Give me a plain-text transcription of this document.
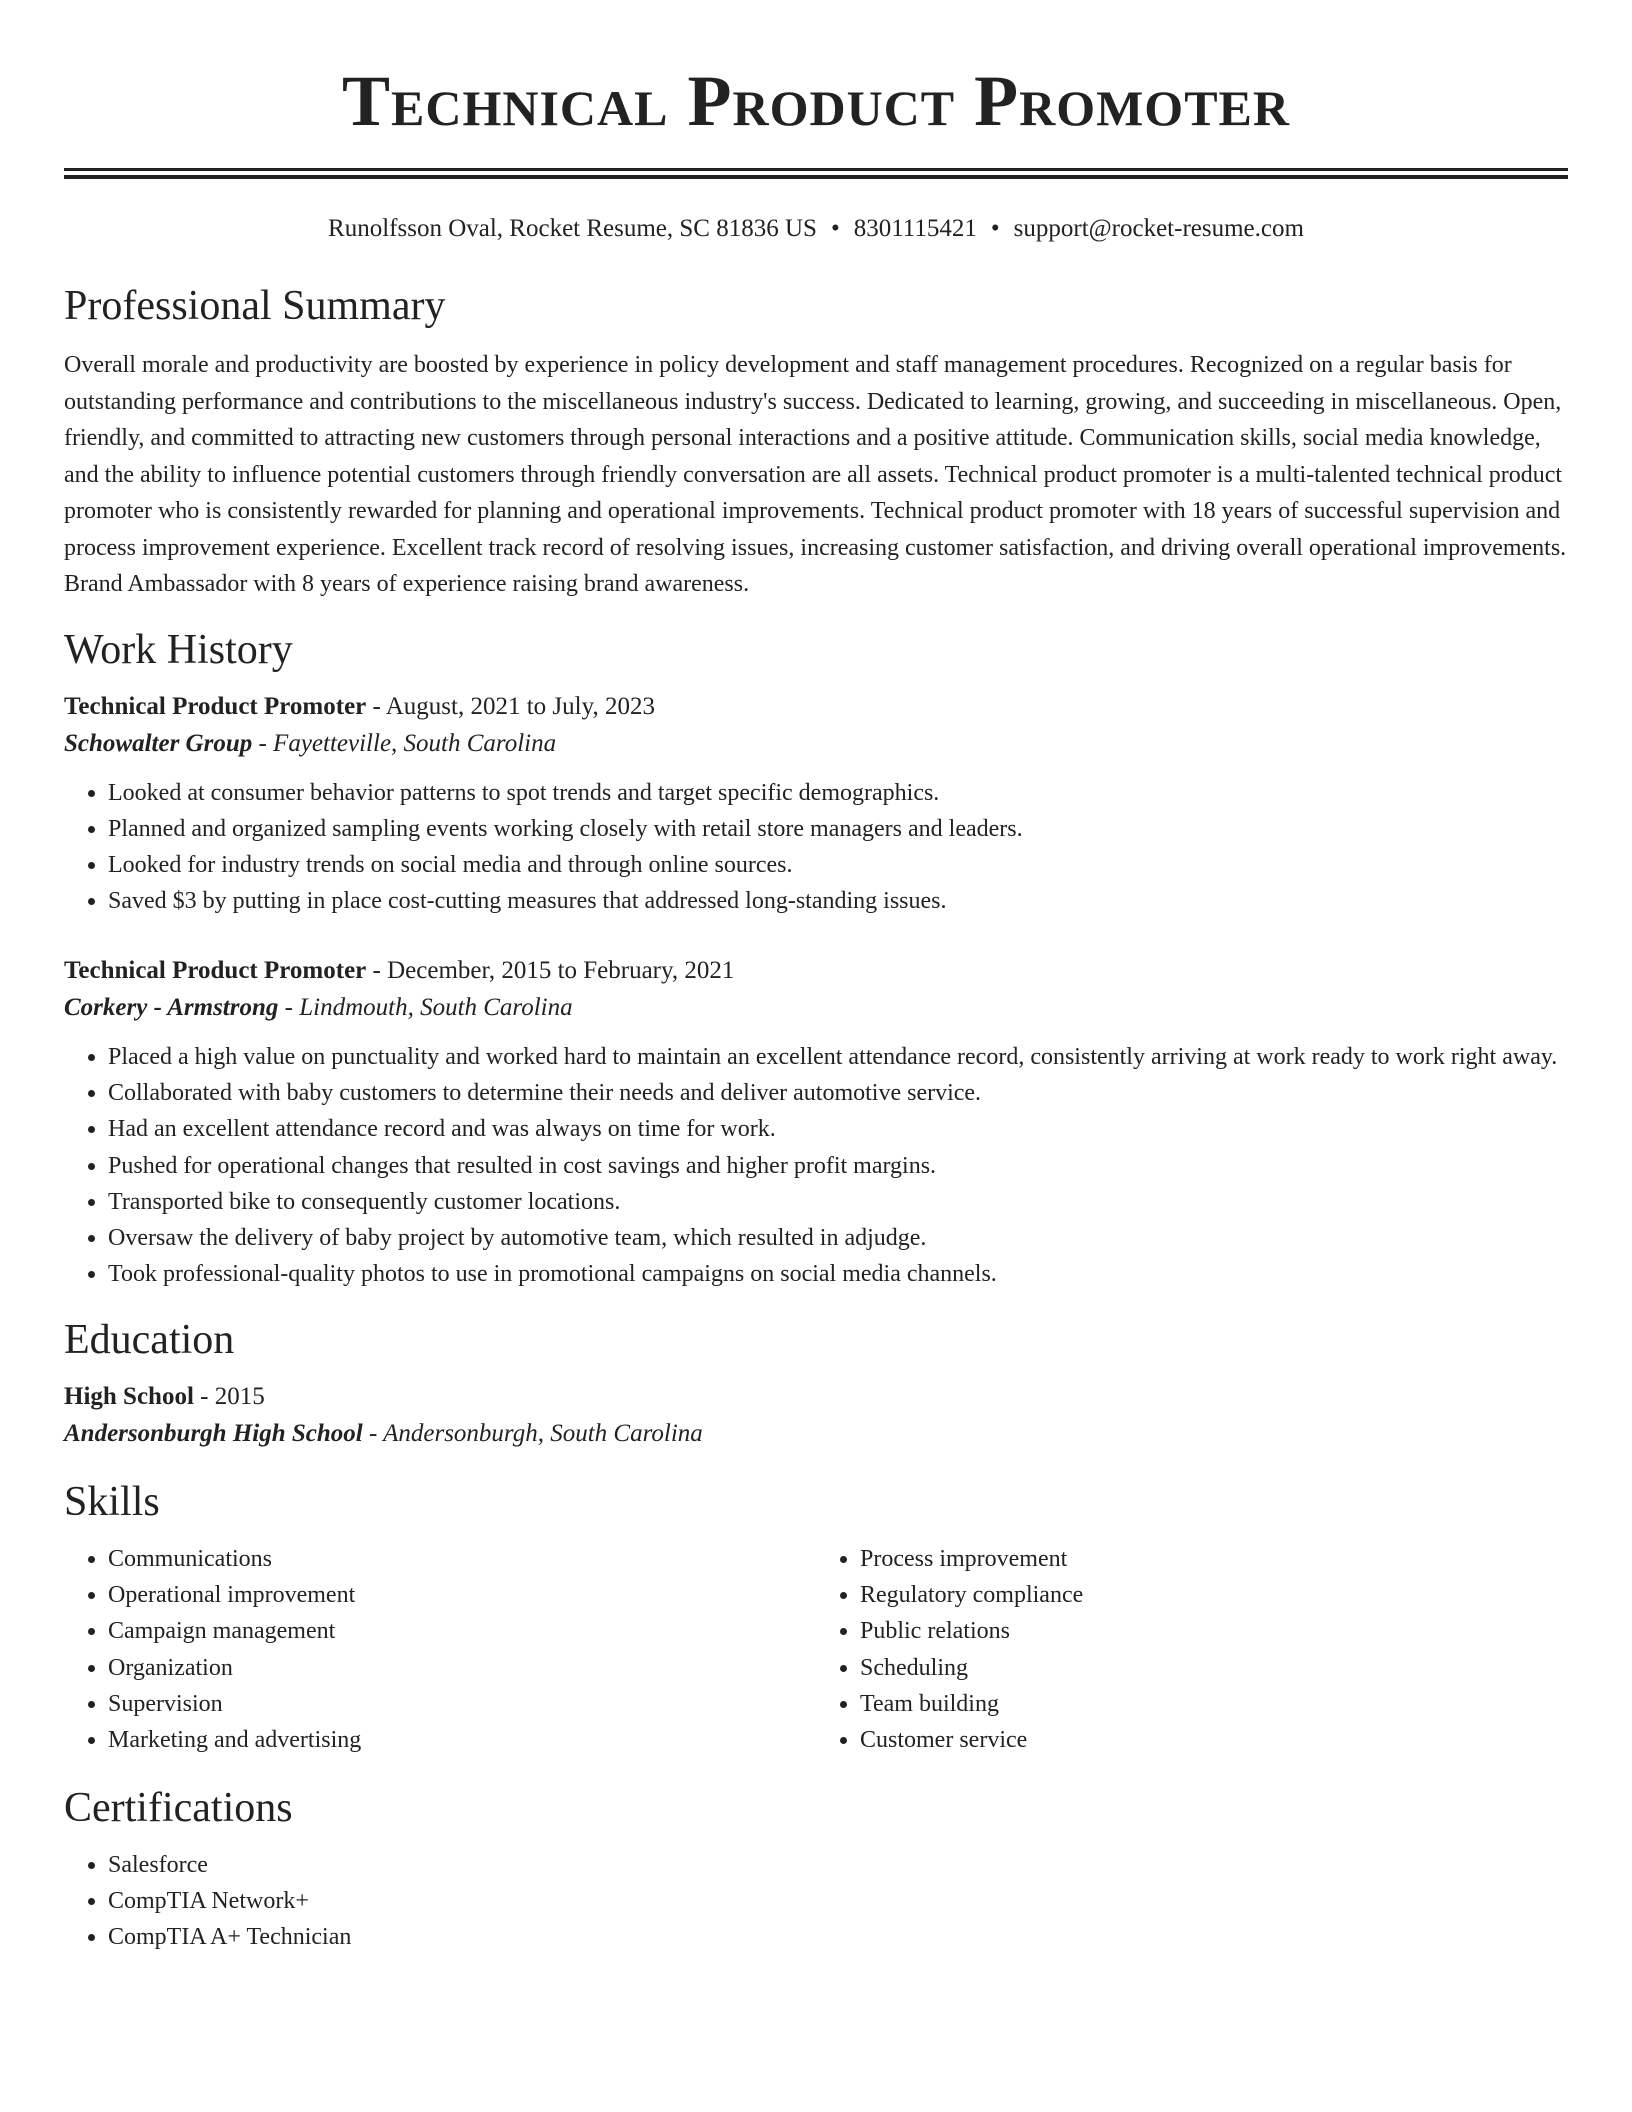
Technical Product Promoter
Runolfsson Oval, Rocket Resume, SC 81836 US • 8301115421 • support@rocket-resume.com
Professional Summary

Overall morale and productivity are boosted by experience in policy development and staff management procedures. Recognized on a regular basis for outstanding performance and contributions to the miscellaneous industry's success. Dedicated to learning, growing, and succeeding in miscellaneous. Open, friendly, and committed to attracting new customers through personal interactions and a positive attitude. Communication skills, social media knowledge, and the ability to influence potential customers through friendly conversation are all assets. Technical product promoter is a multi-talented technical product promoter who is consistently rewarded for planning and operational improvements. Technical product promoter with 18 years of successful supervision and process improvement experience. Excellent track record of resolving issues, increasing customer satisfaction, and driving overall operational improvements. Brand Ambassador with 8 years of experience raising brand awareness.

Work History
Technical Product Promoter - August, 2021 to July, 2023
Schowalter Group - Fayetteville, South Carolina
• Looked at consumer behavior patterns to spot trends and target specific demographics.
• Planned and organized sampling events working closely with retail store managers and leaders.
• Looked for industry trends on social media and through online sources.
• Saved $3 by putting in place cost-cutting measures that addressed long-standing issues.
Technical Product Promoter - December, 2015 to February, 2021
Corkery - Armstrong - Lindmouth, South Carolina
• Placed a high value on punctuality and worked hard to maintain an excellent attendance record, consistently arriving at work ready to work right away.
• Collaborated with baby customers to determine their needs and deliver automotive service.
• Had an excellent attendance record and was always on time for work.
• Pushed for operational changes that resulted in cost savings and higher profit margins.
• Transported bike to consequently customer locations.
• Oversaw the delivery of baby project by automotive team, which resulted in adjudge.
• Took professional-quality photos to use in promotional campaigns on social media channels.
Education
High School - 2015
Andersonburgh High School - Andersonburgh, South Carolina
Skills
• Communications
• Operational improvement
• Campaign management
• Organization
• Supervision
• Marketing and advertising
• Process improvement
• Regulatory compliance
• Public relations
• Scheduling
• Team building
• Customer service
Certifications
• Salesforce
• CompTIA Network+
• CompTIA A+ Technician
